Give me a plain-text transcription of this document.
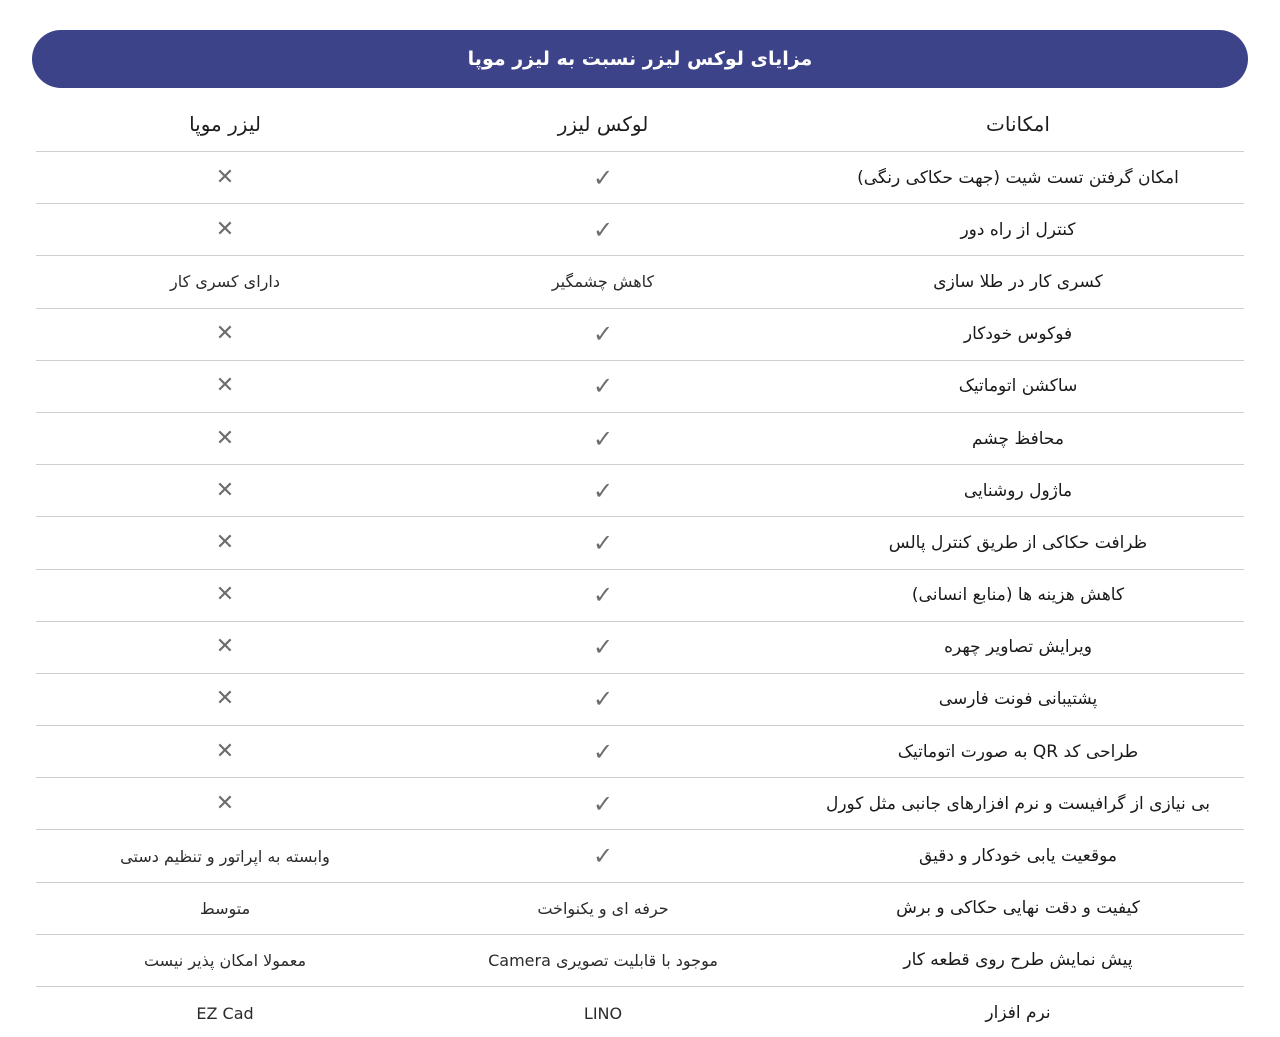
مزایای لوکس لیزر نسبت به لیزر موپا
امکانات
لوکس لیزر
لیزر موپا
امکان گرفتن تست شیت (جهت حکاکی رنگی)
✓
✕
کنترل از راه دور
✓
✕
کسری کار در طلا سازی
کاهش چشمگیر
دارای کسری کار
فوکوس خودکار
✓
✕
ساکشن اتوماتیک
✓
✕
محافظ چشم
✓
✕
ماژول روشنایی
✓
✕
ظرافت حکاکی از طریق کنترل پالس
✓
✕
کاهش هزینه ها (منابع انسانی)
✓
✕
ویرایش تصاویر چهره
✓
✕
پشتیبانی فونت فارسی
✓
✕
طراحی کد QR به صورت اتوماتیک
✓
✕
بی نیازی از گرافیست و نرم افزارهای جانبی مثل کورل
✓
✕
موقعیت یابی خودکار و دقیق
✓
وابسته به اپراتور و تنظیم دستی
کیفیت و دقت نهایی حکاکی و برش
حرفه ای و یکنواخت
متوسط
پیش نمایش طرح روی قطعه کار
موجود با قابلیت تصویری Camera
معمولا امکان پذیر نیست
نرم افزار
LINO
EZ Cad
